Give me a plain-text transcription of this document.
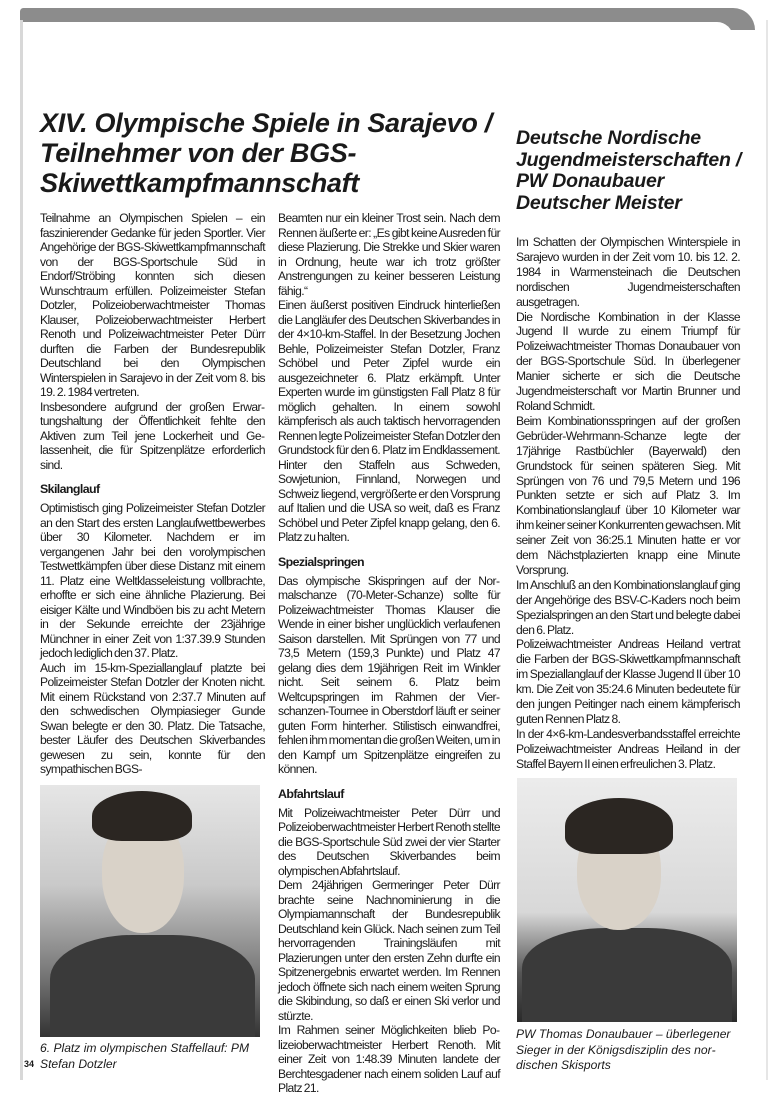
XIV. Olympische Spiele in Sarajevo / Teilnehmer von der BGS-Skiwettkampfmannschaft
Deutsche Nordische Jugendmeisterschaften / PW Donaubauer Deutscher Meister

Teilnahme an Olympischen Spielen – ein faszinierender Gedanke für jeden Sportler. Vier Angehörige der BGS-Skiwettkampfmannschaft von der BGS-Sportschule Süd in Endorf/Ströbing konnten sich diesen Wunschtraum erfüllen. Polizeimeister Stefan Dotzler, Polizeioberwachtmeister Thomas Klauser, Polizeioberwachtmeister Herbert Renoth und Polizeiwachtmeister Peter Dürr durften die Farben der Bundesrepublik Deutschland bei den Olympischen Winterspielen in Sarajevo in der Zeit vom 8. bis 19. 2. 1984 vertreten.

Insbesondere aufgrund der großen Erwartungshaltung der Öffentlichkeit fehlte den Aktiven zum Teil jene Lockerheit und Gelassenheit, die für Spitzenplätze erforderlich sind.

Skilanglauf

Optimistisch ging Polizeimeister Stefan Dotzler an den Start des ersten Langlaufwettbewerbes über 30 Kilometer. Nachdem er im vergangenen Jahr bei den vorolympischen Testwettkämpfen über diese Distanz mit einem 11. Platz eine Weltklasseleistung vollbrachte, erhoffte er sich eine ähnliche Plazierung. Bei eisiger Kälte und Windböen bis zu acht Metern in der Sekunde erreichte der 23jährige Münchner in einer Zeit von 1:37.39.9 Stunden jedoch lediglich den 37. Platz.

Auch im 15-km-Speziallanglauf platzte bei Polizeimeister Stefan Dotzler der Knoten nicht. Mit einem Rückstand von 2:37.7 Minuten auf den schwedischen Olympiasieger Gunde Swan belegte er den 30. Platz. Die Tatsache, bester Läufer des Deutschen Skiverbandes gewesen zu sein, konnte für den sympathischen BGS-

Beamten nur ein kleiner Trost sein. Nach dem Rennen äußerte er: „Es gibt keine Ausreden für diese Plazierung. Die Strekke und Skier waren in Ordnung, heute war ich trotz größter Anstrengungen zu keiner besseren Leistung fähig.“

Einen äußerst positiven Eindruck hinterließen die Langläufer des Deutschen Skiverbandes in der 4×10-km-Staffel. In der Besetzung Jochen Behle, Polizeimeister Stefan Dotzler, Franz Schöbel und Peter Zipfel wurde ein ausgezeichneter 6. Platz erkämpft. Unter Experten wurde im günstigsten Fall Platz 8 für möglich gehalten. In einem sowohl kämpferisch als auch taktisch hervorragenden Rennen legte Polizeimeister Stefan Dotzler den Grundstock für den 6. Platz im Endklassement. Hinter den Staffeln aus Schweden, Sowjetunion, Finnland, Norwegen und Schweiz liegend, vergrößerte er den Vorsprung auf Italien und die USA so weit, daß es Franz Schöbel und Peter Zipfel knapp gelang, den 6. Platz zu halten.

Spezialspringen

Das olympische Skispringen auf der Normalschanze (70-Meter-Schanze) sollte für Polizeiwachtmeister Thomas Klauser die Wende in einer bisher unglücklich verlaufenen Saison darstellen. Mit Sprüngen von 77 und 73,5 Metern (159,3 Punkte) und Platz 47 gelang dies dem 19jährigen Reit im Winkler nicht. Seit seinem 6. Platz beim Weltcupspringen im Rahmen der Vierschanzen-Tournee in Oberstdorf läuft er seiner guten Form hinterher. Stilistisch einwandfrei, fehlen ihm momentan die großen Weiten, um in den Kampf um Spitzenplätze eingreifen zu können.

Abfahrtslauf

Mit Polizeiwachtmeister Peter Dürr und Polizeioberwachtmeister Herbert Renoth stellte die BGS-Sportschule Süd zwei der vier Starter des Deutschen Skiverbandes beim olympischen Abfahrtslauf.

Dem 24jährigen Germeringer Peter Dürr brachte seine Nachnominierung in die Olympiamannschaft der Bundesrepublik Deutschland kein Glück. Nach seinen zum Teil hervorragenden Trainingsläufen mit Plazierungen unter den ersten Zehn durfte ein Spitzenergebnis erwartet werden. Im Rennen jedoch öffnete sich nach einem weiten Sprung die Skibindung, so daß er einen Ski verlor und stürzte.

Im Rahmen seiner Möglichkeiten blieb Polizeioberwachtmeister Herbert Renoth. Mit einer Zeit von 1:48.39 Minuten landete der Berchtesgadener nach einem soliden Lauf auf Platz 21.

Im Schatten der Olympischen Winterspiele in Sarajevo wurden in der Zeit vom 10. bis 12. 2. 1984 in Warmensteinach die Deutschen nordischen Jugendmeisterschaften ausgetragen.

Die Nordische Kombination in der Klasse Jugend II wurde zu einem Triumpf für Polizeiwachtmeister Thomas Donaubauer von der BGS-Sportschule Süd. In überlegener Manier sicherte er sich die Deutsche Jugendmeisterschaft vor Martin Brunner und Roland Schmidt.

Beim Kombinationsspringen auf der großen Gebrüder-Wehrmann-Schanze legte der 17jährige Rastbüchler (Bayerwald) den Grundstock für seinen späteren Sieg. Mit Sprüngen von 76 und 79,5 Metern und 196 Punkten setzte er sich auf Platz 3. Im Kombinationslanglauf über 10 Kilometer war ihm keiner seiner Konkurrenten gewachsen. Mit seiner Zeit von 36:25.1 Minuten hatte er vor dem Nächstplazierten knapp eine Minute Vorsprung.

Im Anschluß an den Kombinationslanglauf ging der Angehörige des BSV-C-Kaders noch beim Spezialspringen an den Start und belegte dabei den 6. Platz.

Polizeiwachtmeister Andreas Heiland vertrat die Farben der BGS-Skiwettkampfmannschaft im Speziallanglauf der Klasse Jugend II über 10 km. Die Zeit von 35:24.6 Minuten bedeutete für den jungen Peitinger nach einem kämpferisch guten Rennen Platz 8.

In der 4×6-km-Landesverbandsstaffel erreichte Polizeiwachtmeister Andreas Heiland in der Staffel Bayern II einen erfreulichen 3. Platz.

6. Platz im olympischen Staffellauf: PM Stefan Dotzler
PW Thomas Donaubauer – überlegener Sieger in der Königsdisziplin des nordischen Skisports
34
